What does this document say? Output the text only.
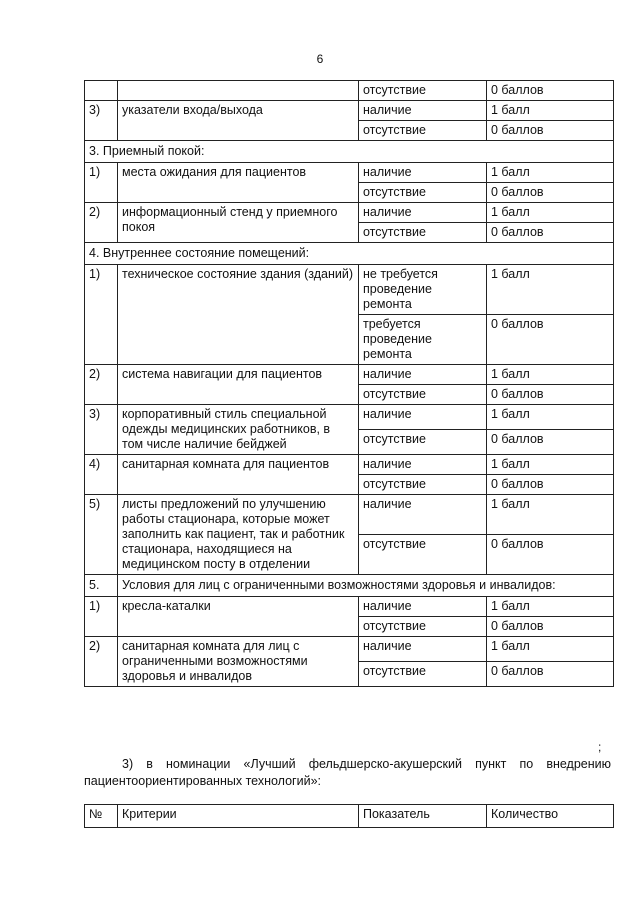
6
		отсутствие	0 баллов
3)	указатели входа/выхода	наличие	1 балл
		отсутствие	0 баллов
3. Приемный покой:			
1)	места ожидания для пациентов	наличие	1 балл
		отсутствие	0 баллов
2)	информационный стенд у приемного покоя	наличие	1 балл
		отсутствие	0 баллов
4. Внутреннее состояние помещений:			
1)	техническое состояние здания (зданий)	не требуется проведение ремонта	1 балл
		требуется проведение ремонта	0 баллов
2)	система навигации для пациентов	наличие	1 балл
		отсутствие	0 баллов
3)	корпоративный стиль специальной одежды медицинских работников, в том числе наличие бейджей	наличие	1 балл
		отсутствие	0 баллов
4)	санитарная комната для пациентов	наличие	1 балл
		отсутствие	0 баллов
5)	листы предложений по улучшению работы стационара, которые может заполнить как пациент, так и работник стационара, находящиеся на медицинском посту в отделении	наличие	1 балл
		отсутствие	0 баллов
5.	Условия для лиц с ограниченными возможностями здоровья и инвалидов:		
1)	кресла-каталки	наличие	1 балл
		отсутствие	0 баллов
2)	санитарная комната для лиц с ограниченными возможностями здоровья и инвалидов	наличие	1 балл
		отсутствие	0 баллов
;
3) в номинации «Лучший фельдшерско-акушерский пункт по внедрению пациентоориентированных технологий»:
№	Критерии	Показатель	Количество
